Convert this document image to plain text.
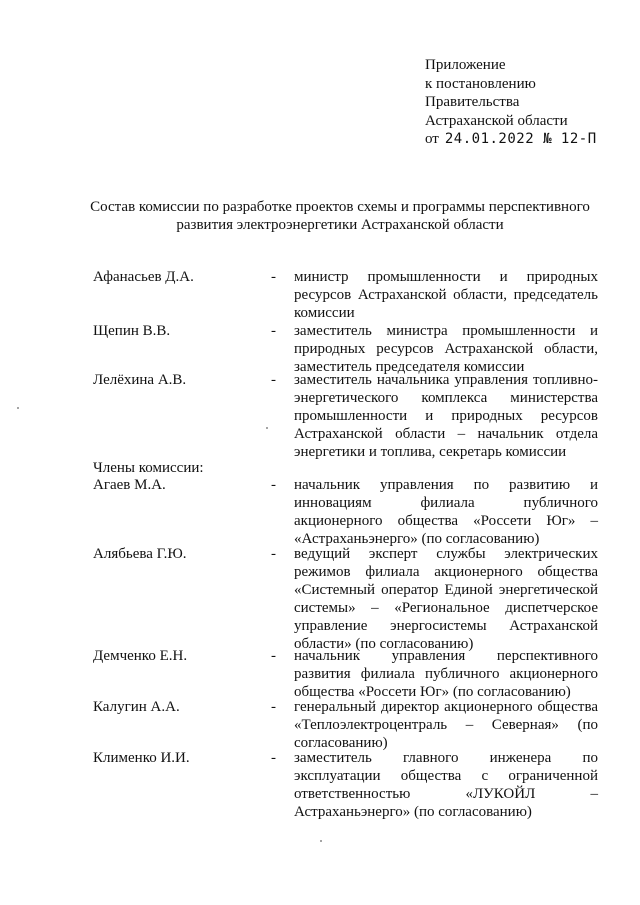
Приложение
к постановлению
Правительства
Астраханской области
от 24.01.2022 № 12-П
Состав комиссии по разработке проектов схемы и программы перспективного развития электроэнергетики Астраханской области
Афанасьев Д.А.	- министр промышленности и природных ресурсов Астраханской области, председатель комиссии
Щепин В.В.	- заместитель министра промышленности и природных ресурсов Астраханской области, заместитель председателя комиссии
Лелёхина А.В.	- заместитель начальника управления топливно-энергетического комплекса министерства промышленности и природных ресурсов Астраханской области – начальник отдела энергетики и топлива, секретарь комиссии
Члены комиссии:
Агаев М.А.	- начальник управления по развитию и инновациям филиала публичного акционерного общества «Россети Юг» – «Астраханьэнерго» (по согласованию)
Алябьева Г.Ю.	- ведущий эксперт службы электрических режимов филиала акционерного общества «Системный оператор Единой энергетической системы» – «Региональное диспетчерское управление энергосистемы Астраханской области» (по согласованию)
Демченко Е.Н.	- начальник управления перспективного развития филиала публичного акционерного общества «Россети Юг» (по согласованию)
Калугин А.А.	- генеральный директор акционерного общества «Теплоэлектроцентраль – Северная» (по согласованию)
Клименко И.И.	- заместитель главного инженера по эксплуатации общества с ограниченной ответственностью «ЛУКОЙЛ – Астраханьэнерго» (по согласованию)
